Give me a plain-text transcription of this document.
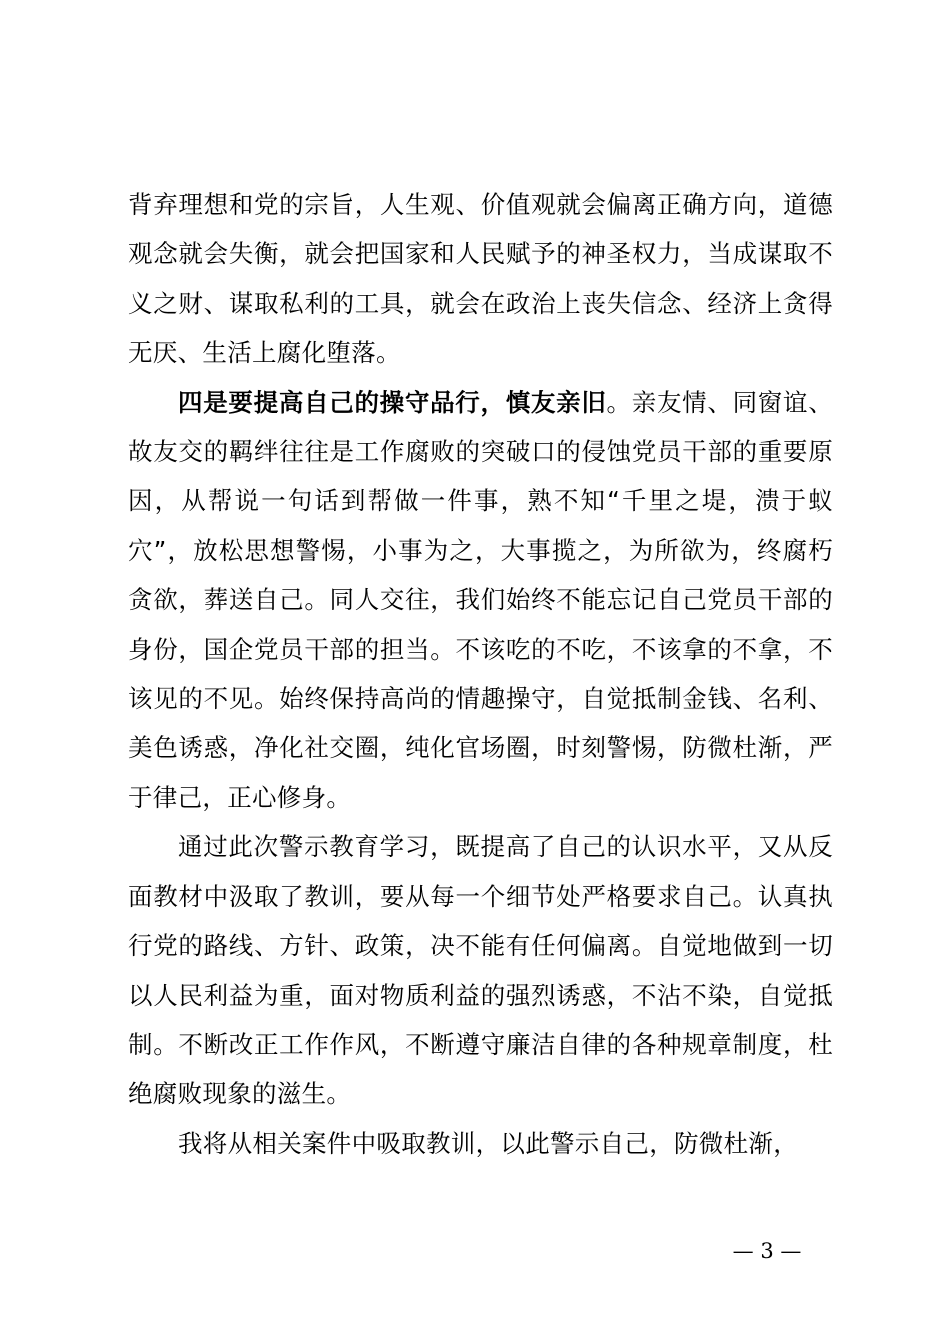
背弃理想和党的宗旨，人生观、价值观就会偏离正确方向，道德观念就会失衡，就会把国家和人民赋予的神圣权力，当成谋取不义之财、谋取私利的工具，就会在政治上丧失信念、经济上贪得无厌、生活上腐化堕落。

四是要提高自己的操守品行，慎友亲旧。亲友情、同窗谊、故友交的羁绊往往是工作腐败的突破口的侵蚀党员干部的重要原因，从帮说一句话到帮做一件事，熟不知“千里之堤，溃于蚁穴”，放松思想警惕，小事为之，大事揽之，为所欲为，终腐朽贪欲，葬送自己。同人交往，我们始终不能忘记自己党员干部的身份，国企党员干部的担当。不该吃的不吃，不该拿的不拿，不该见的不见。始终保持高尚的情趣操守，自觉抵制金钱、名利、美色诱惑，净化社交圈，纯化官场圈，时刻警惕，防微杜渐，严于律己，正心修身。

通过此次警示教育学习，既提高了自己的认识水平，又从反面教材中汲取了教训，要从每一个细节处严格要求自己。认真执行党的路线、方针、政策，决不能有任何偏离。自觉地做到一切以人民利益为重，面对物质利益的强烈诱惑，不沾不染，自觉抵制。不断改正工作作风，不断遵守廉洁自律的各种规章制度，杜绝腐败现象的滋生。

我将从相关案件中吸取教训，以此警示自己，防微杜渐，

— 3 —
